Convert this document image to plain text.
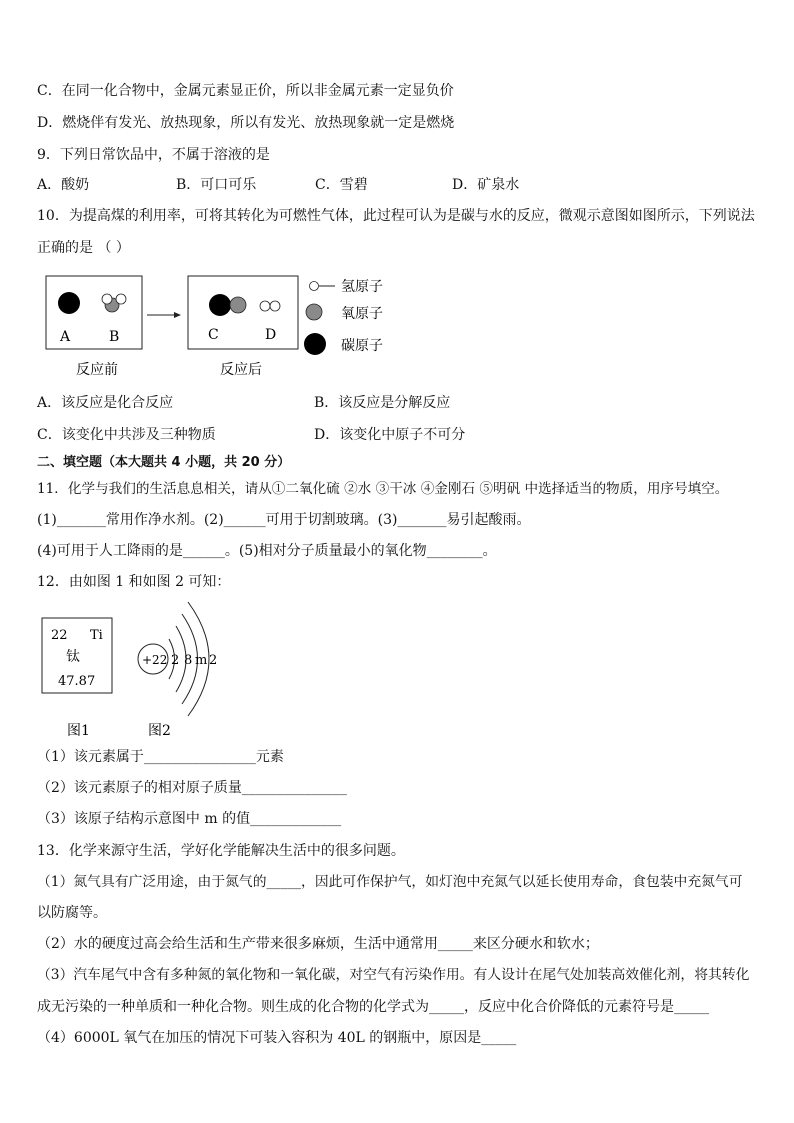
C．在同一化合物中，金属元素显正价，所以非金属元素一定显负价
D．燃烧伴有发光、放热现象，所以有发光、放热现象就一定是燃烧
9．下列日常饮品中，不属于溶液的是
A．酸奶	B．可口可乐	C．雪碧	D．矿泉水
10．为提高煤的利用率，可将其转化为可燃性气体，此过程可认为是碳与水的反应，微观示意图如图所示，下列说法
正确的是 （ ）
A	B	C	D
反应前	反应后
氢原子
氧原子
碳原子
A．该反应是化合反应	B．该反应是分解反应
C．该变化中共涉及三种物质	D．该变化中原子不可分
二、填空题（本大题共 4 小题，共 20 分）
11．化学与我们的生活息息相关，请从①二氧化硫 ②水 ③干冰 ④金刚石 ⑤明矾 中选择适当的物质，用序号填空。
(1)_______常用作净水剂。(2)______可用于切割玻璃。(3)_______易引起酸雨。
(4)可用于人工降雨的是______。(5)相对分子质量最小的氧化物________。
12．由如图 1 和如图 2 可知：
22 Ti
钛
47.87
+22 2 8 m 2
图1	图2
（1）该元素属于________________元素
（2）该元素原子的相对原子质量_______________
（3）该原子结构示意图中 m 的值_____________
13．化学来源守生活，学好化学能解决生活中的很多问题。
（1）氮气具有广泛用途，由于氮气的_____，因此可作保护气，如灯泡中充氮气以延长使用寿命，食包装中充氮气可
以防腐等。
（2）水的硬度过高会给生活和生产带来很多麻烦，生活中通常用_____来区分硬水和软水；
（3）汽车尾气中含有多种氮的氧化物和一氧化碳，对空气有污染作用。有人设计在尾气处加装高效催化剂，将其转化
成无污染的一种单质和一种化合物。则生成的化合物的化学式为_____，反应中化合价降低的元素符号是_____
（4）6000L 氧气在加压的情况下可装入容积为 40L 的钢瓶中，原因是_____
